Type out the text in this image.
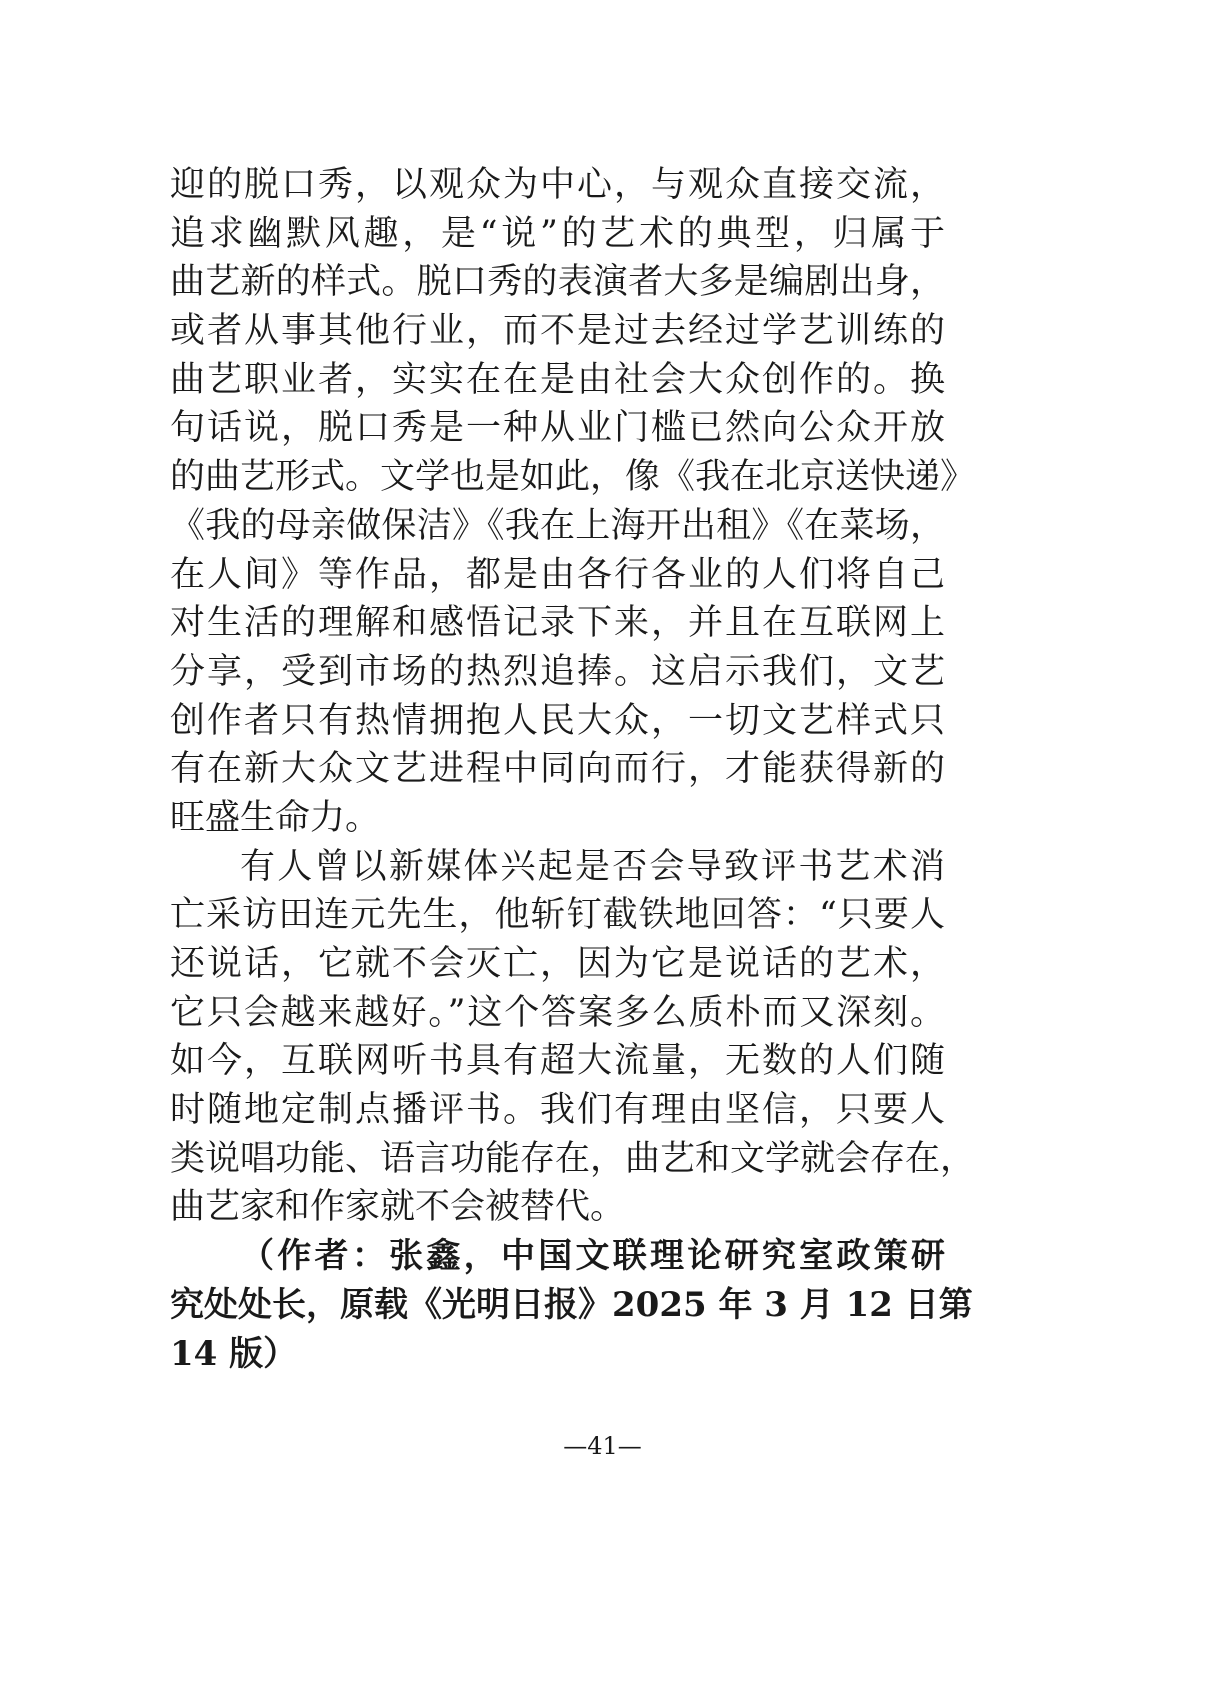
迎的脱口秀，以观众为中心，与观众直接交流，
追求幽默风趣，是“说”的艺术的典型，归属于
曲艺新的样式。脱口秀的表演者大多是编剧出身，
或者从事其他行业，而不是过去经过学艺训练的
曲艺职业者，实实在在是由社会大众创作的。换
句话说，脱口秀是一种从业门槛已然向公众开放
的曲艺形式。文学也是如此，像《我在北京送快递》
《我的母亲做保洁》《我在上海开出租》《在菜场，
在人间》等作品，都是由各行各业的人们将自己
对生活的理解和感悟记录下来，并且在互联网上
分享，受到市场的热烈追捧。这启示我们，文艺
创作者只有热情拥抱人民大众，一切文艺样式只
有在新大众文艺进程中同向而行，才能获得新的
旺盛生命力。
有人曾以新媒体兴起是否会导致评书艺术消
亡采访田连元先生，他斩钉截铁地回答：“只要人
还说话，它就不会灭亡，因为它是说话的艺术，
它只会越来越好。”这个答案多么质朴而又深刻。
如今，互联网听书具有超大流量，无数的人们随
时随地定制点播评书。我们有理由坚信，只要人
类说唱功能、语言功能存在，曲艺和文学就会存在，
曲艺家和作家就不会被替代。
（作者：张鑫，中国文联理论研究室政策研
究处处长，原载《光明日报》2025 年 3 月 12 日第
14 版）
—41—
